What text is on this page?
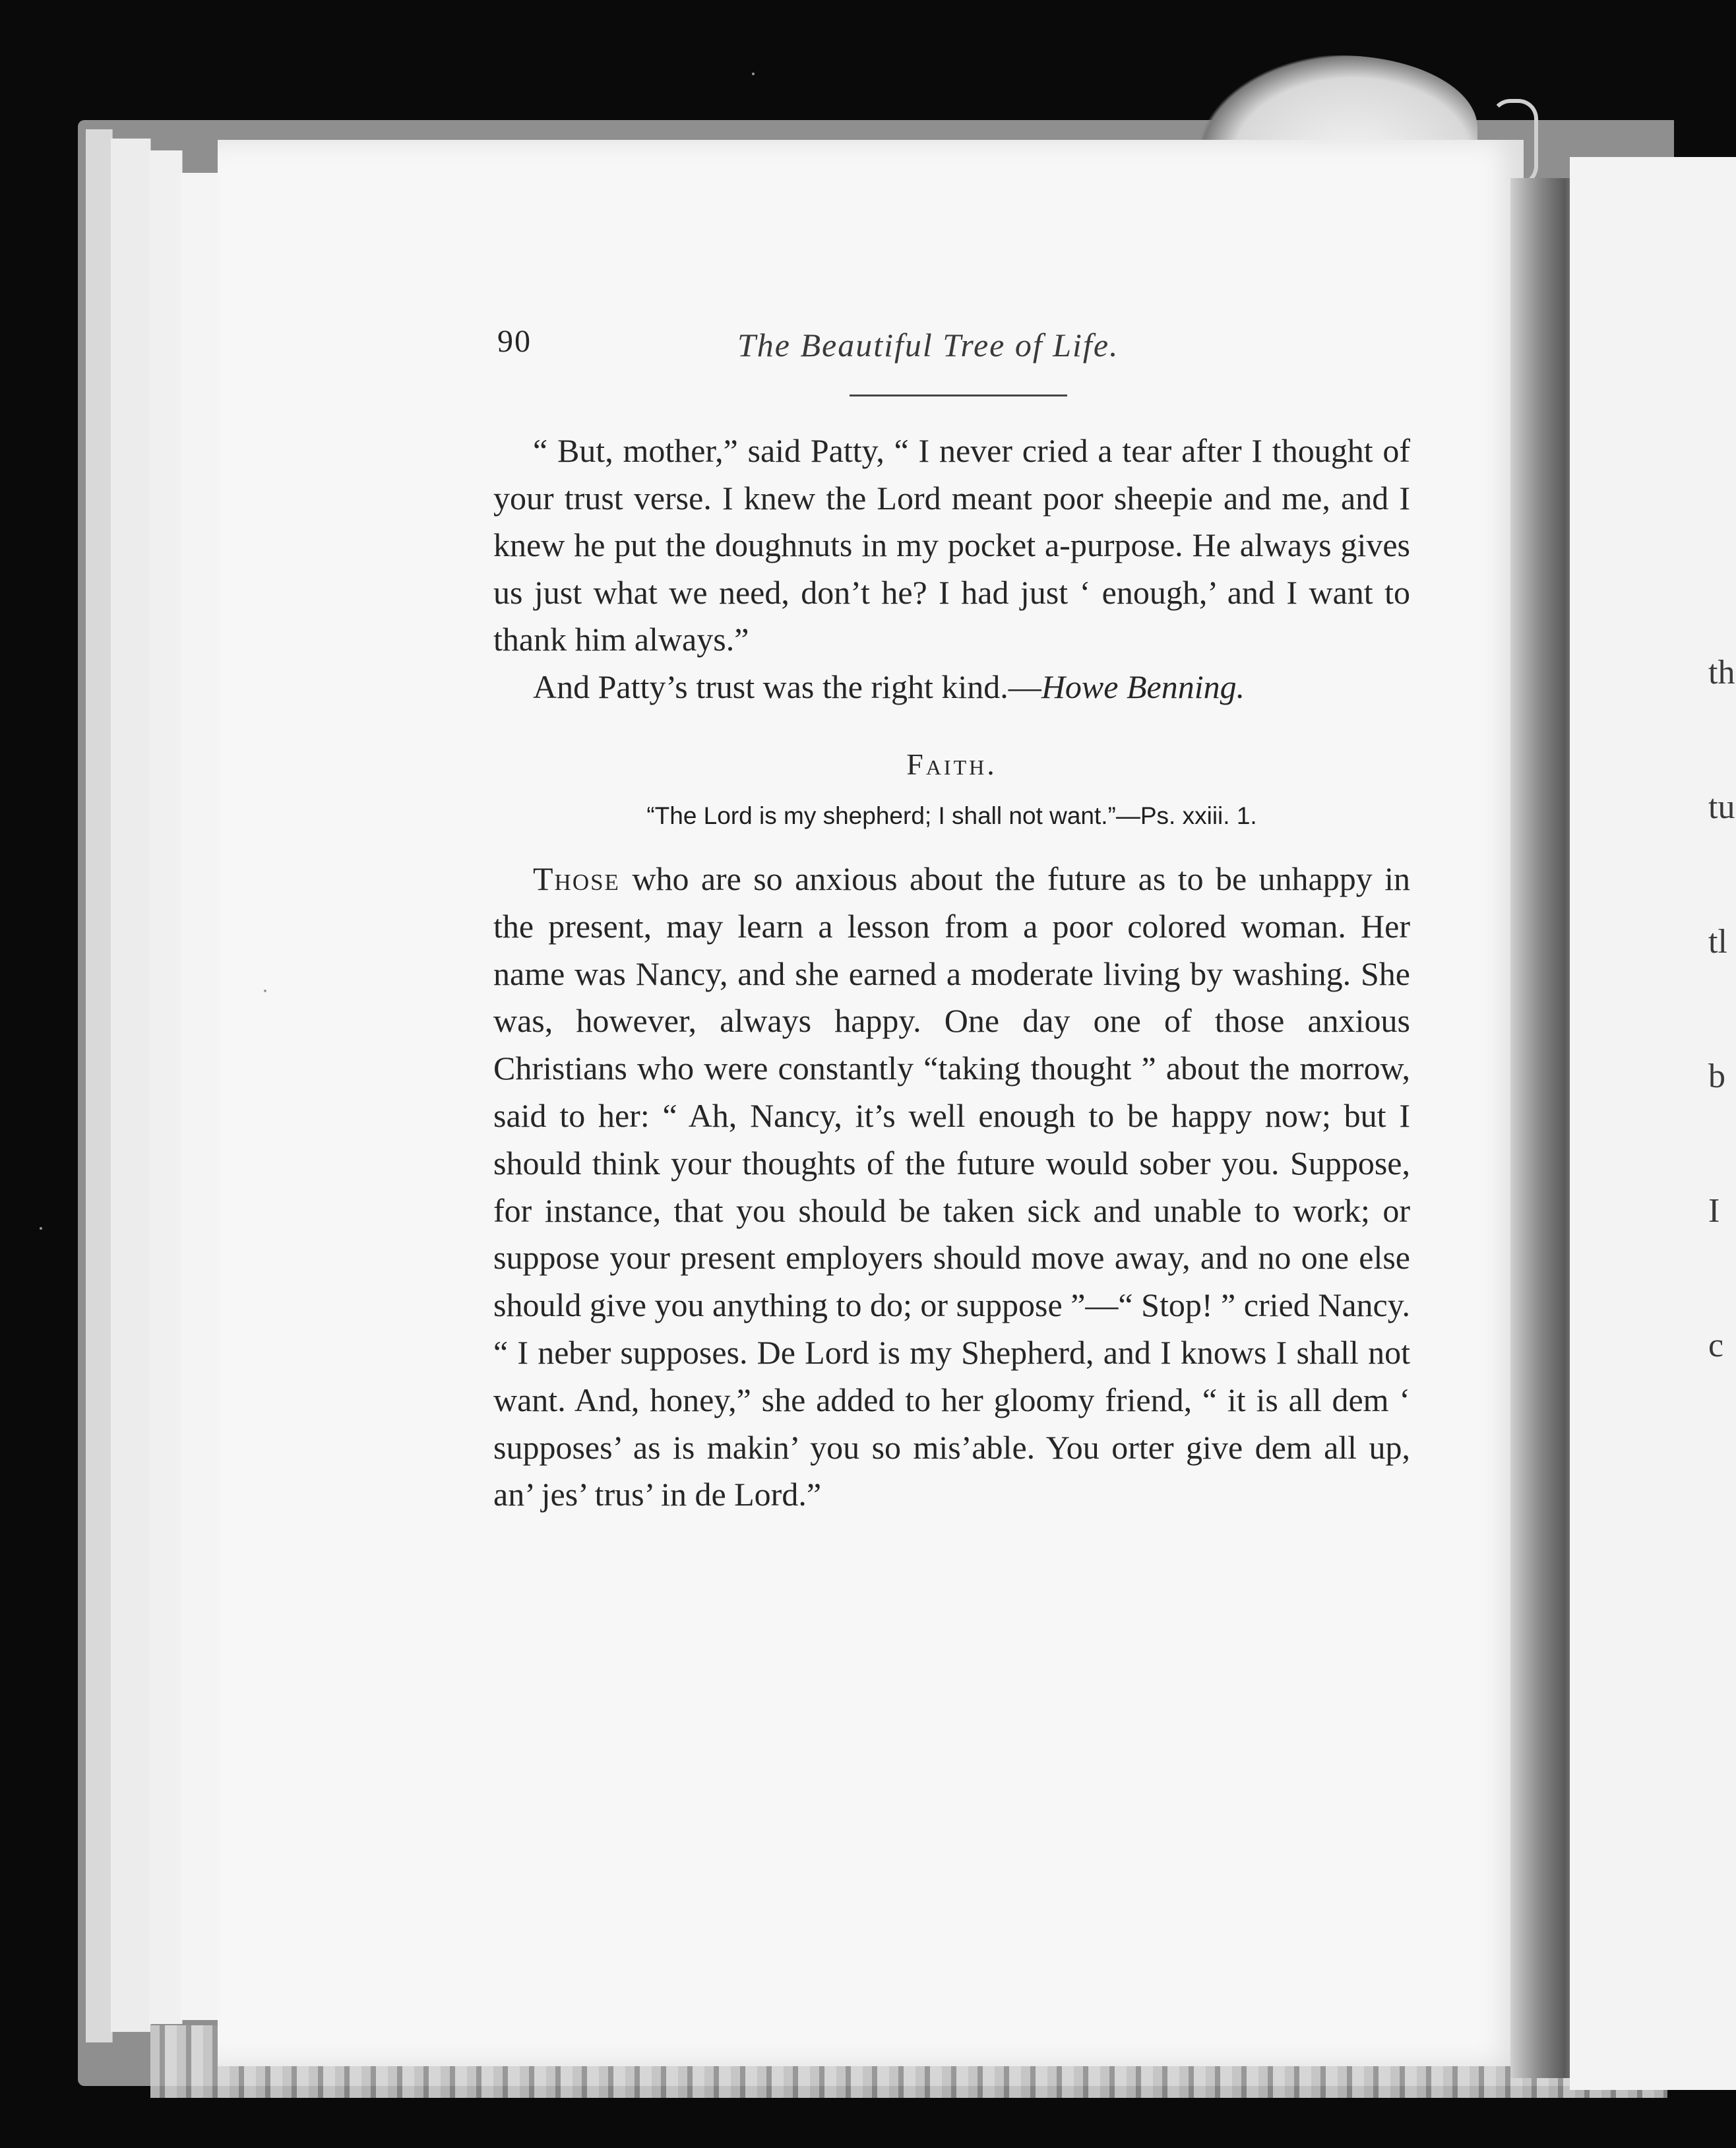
th

tu

tl

b

I

c

90	The Beautiful Tree of Life.

“ But, mother,” said Patty, “ I never cried a tear after I thought of your trust verse. I knew the Lord meant poor sheepie and me, and I knew he put the doughnuts in my pocket a-purpose. He always gives us just what we need, don’t he? I had just ‘ enough,’ and I want to thank him always.”

And Patty’s trust was the right kind.—Howe Benning.

Faith.
“The Lord is my shepherd; I shall not want.”—Ps. xxiii. 1.

Those who are so anxious about the future as to be unhappy in the present, may learn a lesson from a poor colored woman. Her name was Nancy, and she earned a moderate living by washing. She was, however, always happy. One day one of those anxious Christians who were constantly “taking thought ” about the morrow, said to her: “ Ah, Nancy, it’s well enough to be happy now; but I should think your thoughts of the future would sober you. Suppose, for instance, that you should be taken sick and unable to work; or suppose your present employers should move away, and no one else should give you anything to do; or suppose ”—“ Stop! ” cried Nancy. “ I neber supposes. De Lord is my Shepherd, and I knows I shall not want. And, honey,” she added to her gloomy friend, “ it is all dem ‘ supposes’ as is makin’ you so mis’able. You orter give dem all up, an’ jes’ trus’ in de Lord.”
